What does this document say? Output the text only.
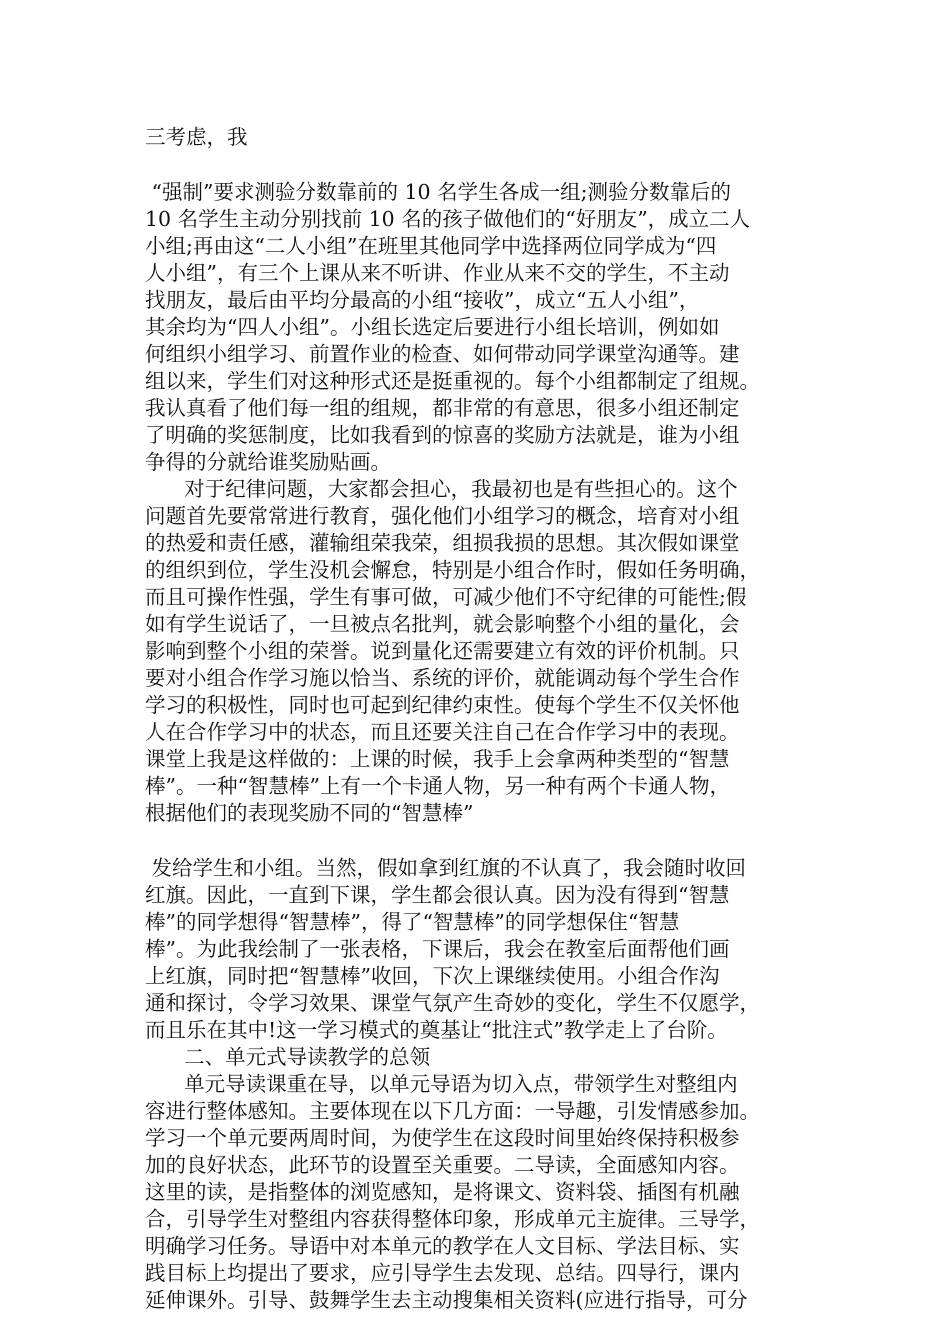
三考虑，我
“强制”要求测验分数靠前的 10 名学生各成一组;测验分数靠后的
10 名学生主动分别找前 10 名的孩子做他们的“好朋友”，成立二人
小组;再由这“二人小组”在班里其他同学中选择两位同学成为“四
人小组”，有三个上课从来不听讲、作业从来不交的学生，不主动
找朋友，最后由平均分最高的小组“接收”，成立“五人小组”，
其余均为“四人小组”。小组长选定后要进行小组长培训，例如如
何组织小组学习、前置作业的检查、如何带动同学课堂沟通等。建
组以来，学生们对这种形式还是挺重视的。每个小组都制定了组规。
我认真看了他们每一组的组规，都非常的有意思，很多小组还制定
了明确的奖惩制度，比如我看到的惊喜的奖励方法就是，谁为小组
争得的分就给谁奖励贴画。
对于纪律问题，大家都会担心，我最初也是有些担心的。这个
问题首先要常常进行教育，强化他们小组学习的概念，培育对小组
的热爱和责任感，灌输组荣我荣，组损我损的思想。其次假如课堂
的组织到位，学生没机会懈怠，特别是小组合作时，假如任务明确，
而且可操作性强，学生有事可做，可减少他们不守纪律的可能性;假
如有学生说话了，一旦被点名批判，就会影响整个小组的量化，会
影响到整个小组的荣誉。说到量化还需要建立有效的评价机制。只
要对小组合作学习施以恰当、系统的评价，就能调动每个学生合作
学习的积极性，同时也可起到纪律约束性。使每个学生不仅关怀他
人在合作学习中的状态，而且还要关注自己在合作学习中的表现。
课堂上我是这样做的：上课的时候，我手上会拿两种类型的“智慧
棒”。一种“智慧棒”上有一个卡通人物，另一种有两个卡通人物，
根据他们的表现奖励不同的“智慧棒”
发给学生和小组。当然，假如拿到红旗的不认真了，我会随时收回
红旗。因此，一直到下课，学生都会很认真。因为没有得到“智慧
棒”的同学想得“智慧棒”，得了“智慧棒”的同学想保住“智慧
棒”。为此我绘制了一张表格，下课后，我会在教室后面帮他们画
上红旗，同时把“智慧棒”收回，下次上课继续使用。小组合作沟
通和探讨，令学习效果、课堂气氛产生奇妙的变化，学生不仅愿学，
而且乐在其中!这一学习模式的奠基让“批注式”教学走上了台阶。
二、单元式导读教学的总领
单元导读课重在导，以单元导语为切入点，带领学生对整组内
容进行整体感知。主要体现在以下几方面：一导趣，引发情感参加。
学习一个单元要两周时间，为使学生在这段时间里始终保持积极参
加的良好状态，此环节的设置至关重要。二导读，全面感知内容。
这里的读，是指整体的浏览感知，是将课文、资料袋、插图有机融
合，引导学生对整组内容获得整体印象，形成单元主旋律。三导学，
明确学习任务。导语中对本单元的教学在人文目标、学法目标、实
践目标上均提出了要求，应引导学生去发现、总结。四导行，课内
延伸课外。引导、鼓舞学生去主动搜集相关资料(应进行指导，可分
